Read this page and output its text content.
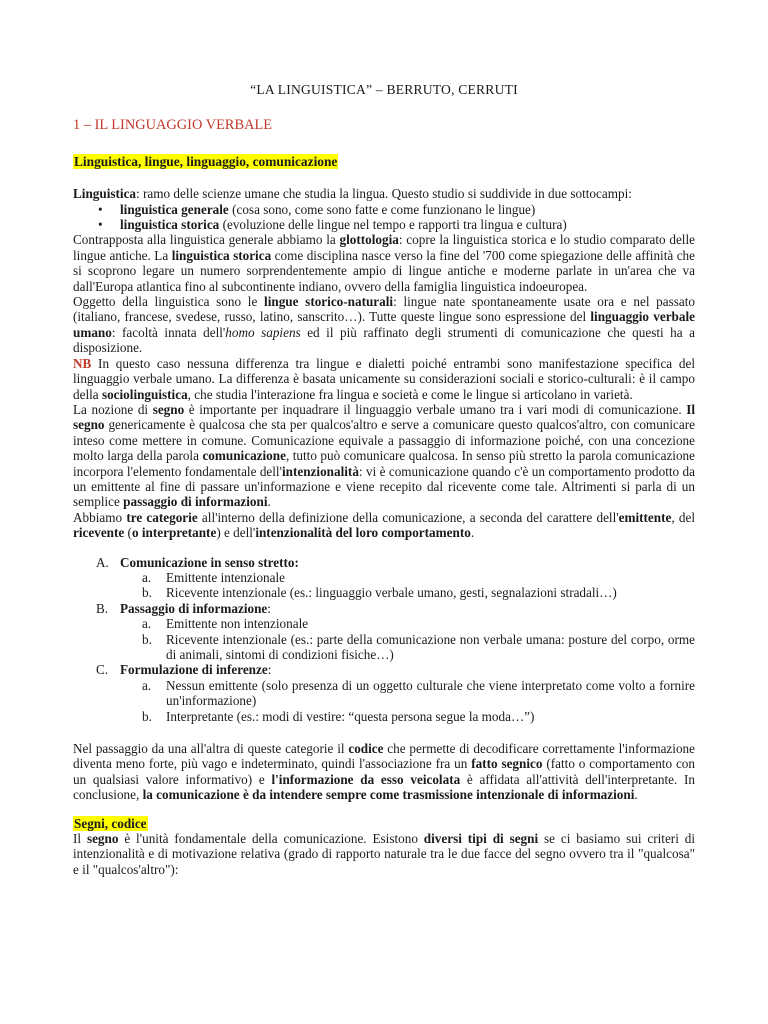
“LA LINGUISTICA” – BERRUTO, CERRUTI
1 – IL LINGUAGGIO VERBALE
Linguistica, lingue, linguaggio, comunicazione

Linguistica: ramo delle scienze umane che studia la lingua. Questo studio si suddivide in due sottocampi:

• linguistica generale (cosa sono, come sono fatte e come funzionano le lingue)
• linguistica storica (evoluzione delle lingue nel tempo e rapporti tra lingua e cultura)

Contrapposta alla linguistica generale abbiamo la glottologia: copre la linguistica storica e lo studio comparato delle lingue antiche. La linguistica storica come disciplina nasce verso la fine del '700 come spiegazione delle affinità che si scoprono legare un numero sorprendentemente ampio di lingue antiche e moderne parlate in un'area che va dall'Europa atlantica fino al subcontinente indiano, ovvero della famiglia linguistica indoeuropea.

Oggetto della linguistica sono le lingue storico-naturali: lingue nate spontaneamente usate ora e nel passato (italiano, francese, svedese, russo, latino, sanscrito…). Tutte queste lingue sono espressione del linguaggio verbale umano: facoltà innata dell'homo sapiens ed il più raffinato degli strumenti di comunicazione che questi ha a disposizione.

NB In questo caso nessuna differenza tra lingue e dialetti poiché entrambi sono manifestazione specifica del linguaggio verbale umano. La differenza è basata unicamente su considerazioni sociali e storico-culturali: è il campo della sociolinguistica, che studia l'interazione fra lingua e società e come le lingue si articolano in varietà.

La nozione di segno è importante per inquadrare il linguaggio verbale umano tra i vari modi di comunicazione. Il segno genericamente è qualcosa che sta per qualcos'altro e serve a comunicare questo qualcos'altro, con comunicare inteso come mettere in comune. Comunicazione equivale a passaggio di informazione poiché, con una concezione molto larga della parola comunicazione, tutto può comunicare qualcosa. In senso più stretto la parola comunicazione incorpora l'elemento fondamentale dell'intenzionalità: vi è comunicazione quando c'è un comportamento prodotto da un emittente al fine di passare un'informazione e viene recepito dal ricevente come tale. Altrimenti si parla di un semplice passaggio di informazioni.

Abbiamo tre categorie all'interno della definizione della comunicazione, a seconda del carattere dell'emittente, del ricevente (o interpretante) e dell'intenzionalità del loro comportamento.

A. Comunicazione in senso stretto:
a. Emittente intenzionale
b. Ricevente intenzionale (es.: linguaggio verbale umano, gesti, segnalazioni stradali…)
B. Passaggio di informazione:
a. Emittente non intenzionale
b. Ricevente intenzionale (es.: parte della comunicazione non verbale umana: posture del corpo, orme di animali, sintomi di condizioni fisiche…)
C. Formulazione di inferenze:
a. Nessun emittente (solo presenza di un oggetto culturale che viene interpretato come volto a fornire un'informazione)
b. Interpretante (es.: modi di vestire: “questa persona segue la moda…”)

Nel passaggio da una all'altra di queste categorie il codice che permette di decodificare correttamente l'informazione diventa meno forte, più vago e indeterminato, quindi l'associazione fra un fatto segnico (fatto o comportamento con un qualsiasi valore informativo) e l'informazione da esso veicolata è affidata all'attività dell'interpretante. In conclusione, la comunicazione è da intendere sempre come trasmissione intenzionale di informazioni.

Segni, codice

Il segno è l'unità fondamentale della comunicazione. Esistono diversi tipi di segni se ci basiamo sui criteri di intenzionalità e di motivazione relativa (grado di rapporto naturale tra le due facce del segno ovvero tra il "qualcosa" e il "qualcos'altro"):
